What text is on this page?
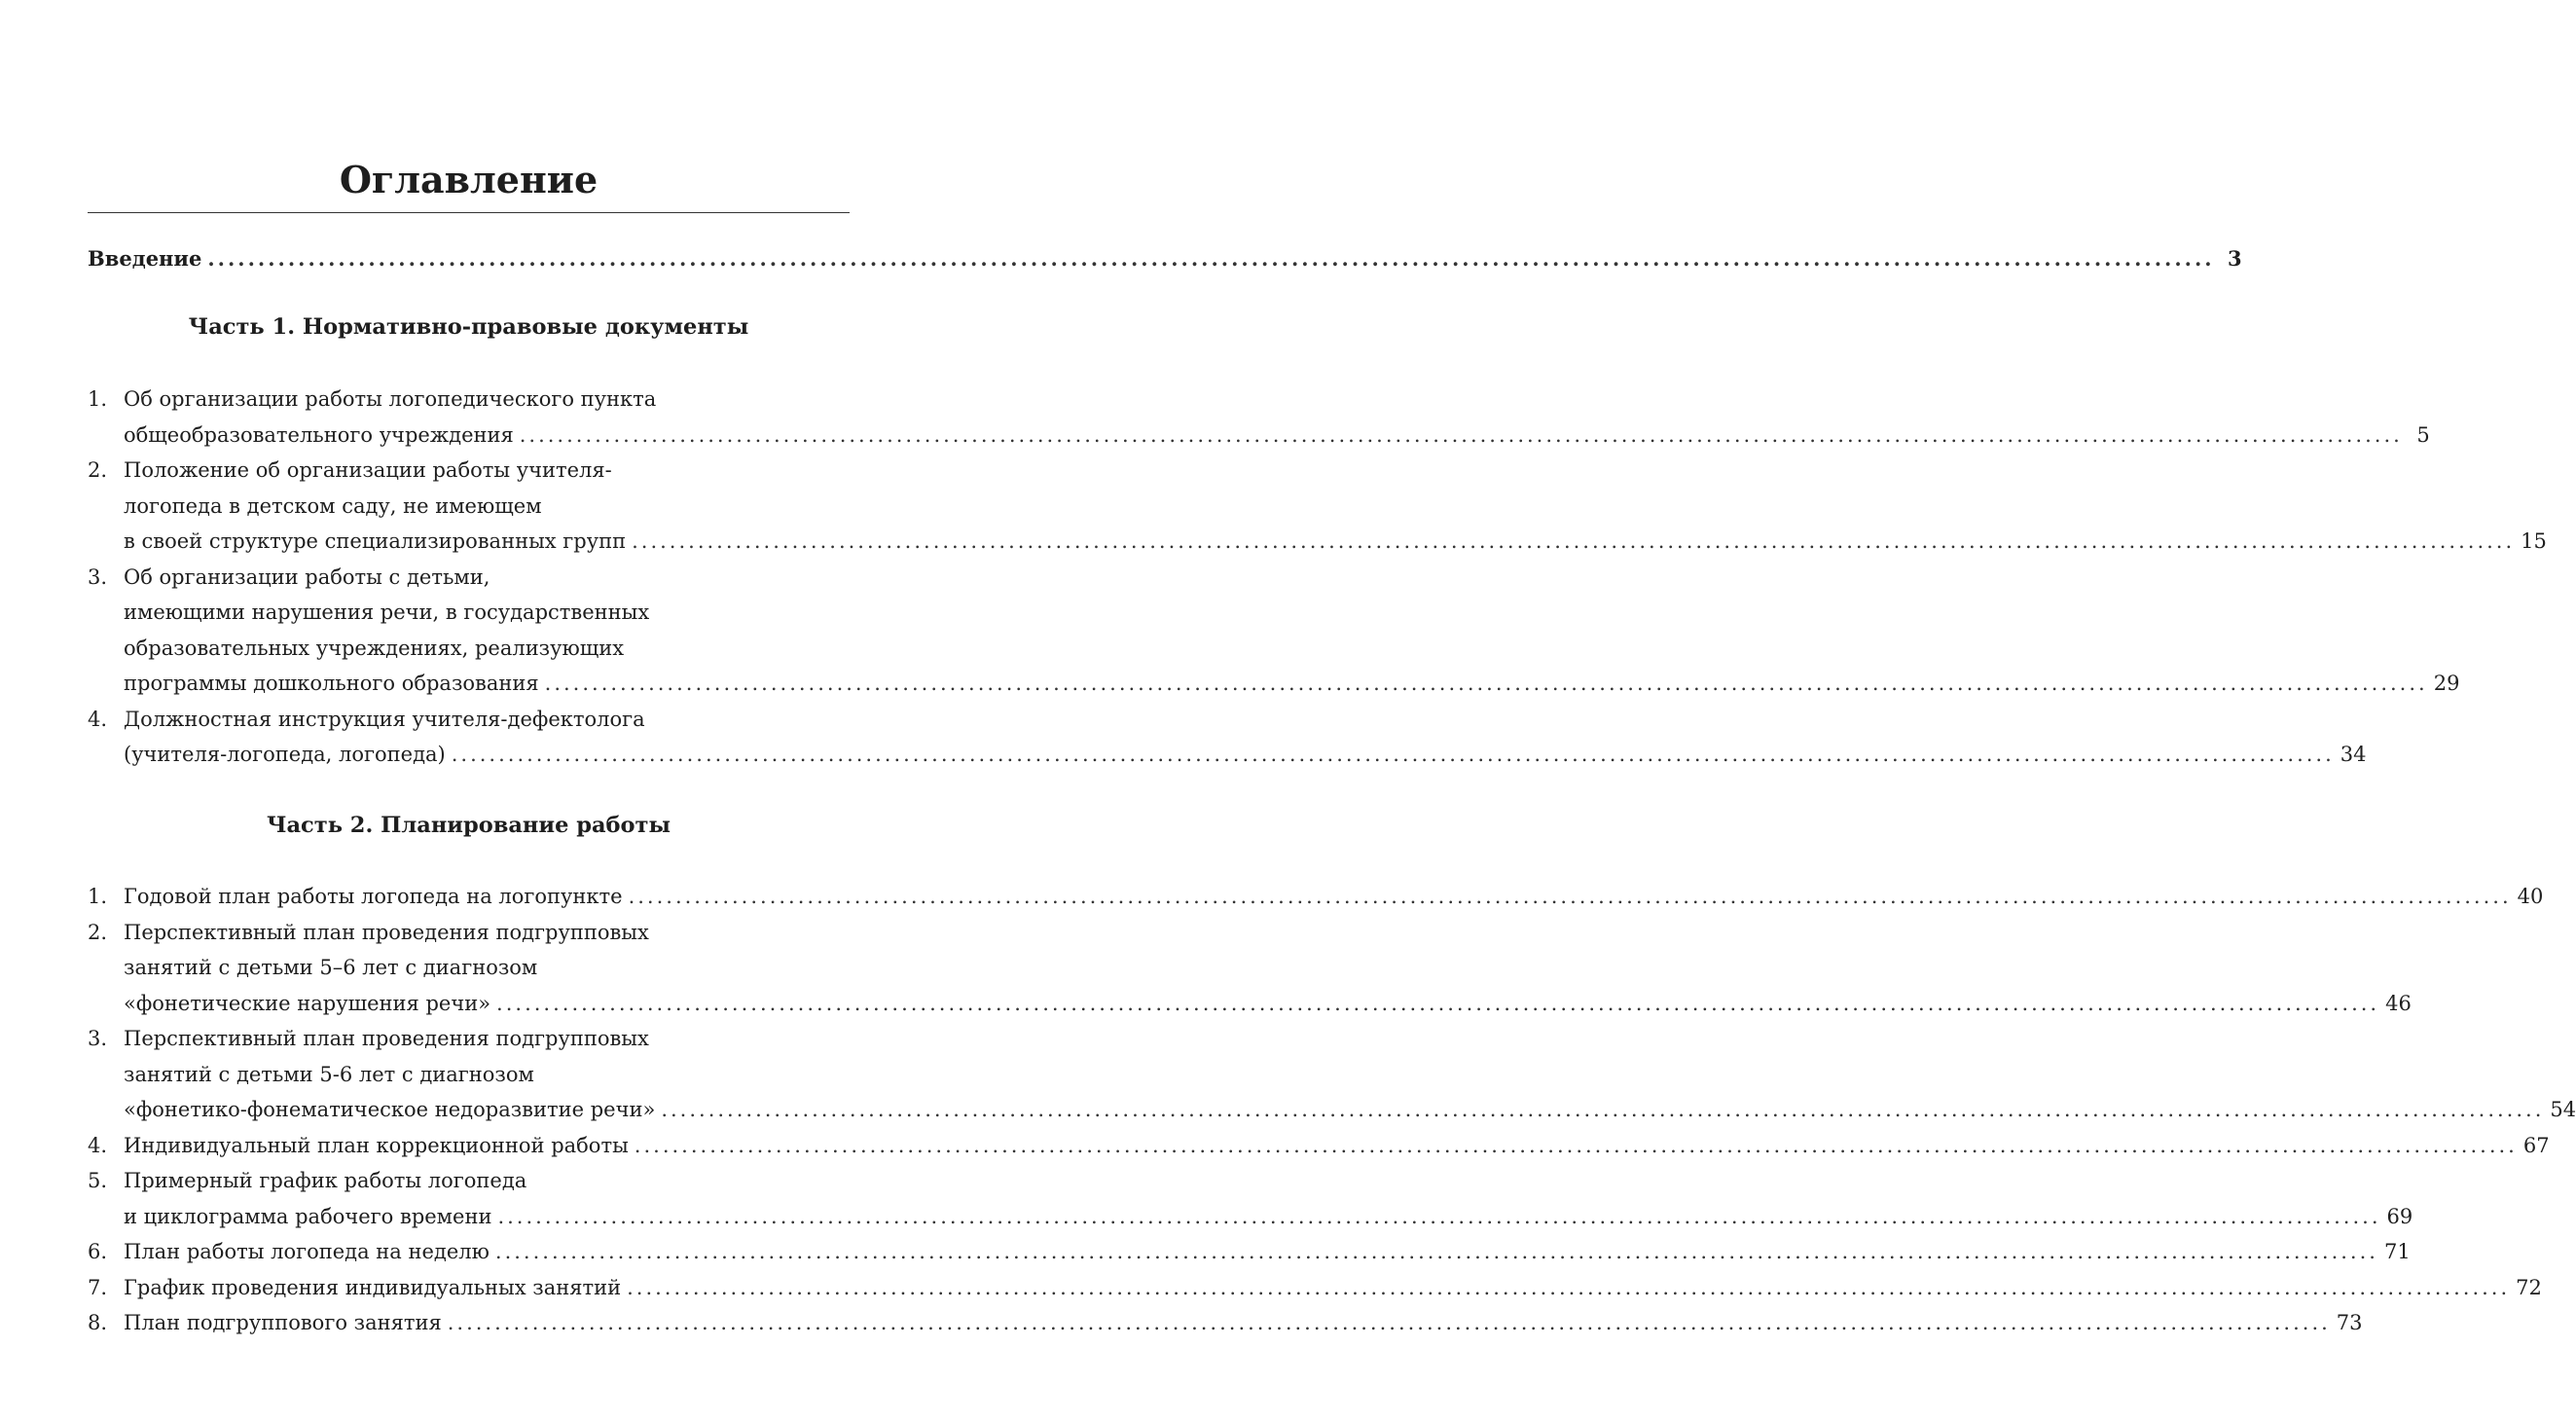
Оглавление
Введение ........................................................................................................................................................................................................ 3
Часть 1. Нормативно-правовые документы
1. Об организации работы логопедического пункта
общеобразовательного учреждения ........................................................................................................................................................................................................ 5
2. Положение об организации работы учителя-
логопеда в детском саду, не имеющем
в своей структуре специализированных групп ........................................................................................................................................................................................................ 15
3. Об организации работы с детьми,
имеющими нарушения речи, в государственных
образовательных учреждениях, реализующих
программы дошкольного образования ........................................................................................................................................................................................................ 29
4. Должностная инструкция учителя-дефектолога
(учителя-логопеда, логопеда) ........................................................................................................................................................................................................ 34
Часть 2. Планирование работы
1. Годовой план работы логопеда на логопункте ........................................................................................................................................................................................................ 40
2. Перспективный план проведения подгрупповых
занятий с детьми 5–6 лет с диагнозом
«фонетические нарушения речи» ........................................................................................................................................................................................................ 46
3. Перспективный план проведения подгрупповых
занятий с детьми 5-6 лет с диагнозом
«фонетико-фонематическое недоразвитие речи» ........................................................................................................................................................................................................ 54
4. Индивидуальный план коррекционной работы ........................................................................................................................................................................................................ 67
5. Примерный график работы логопеда
и циклограмма рабочего времени ........................................................................................................................................................................................................ 69
6. План работы логопеда на неделю ........................................................................................................................................................................................................ 71
7. График проведения индивидуальных занятий ........................................................................................................................................................................................................ 72
8. План подгруппового занятия ........................................................................................................................................................................................................ 73
